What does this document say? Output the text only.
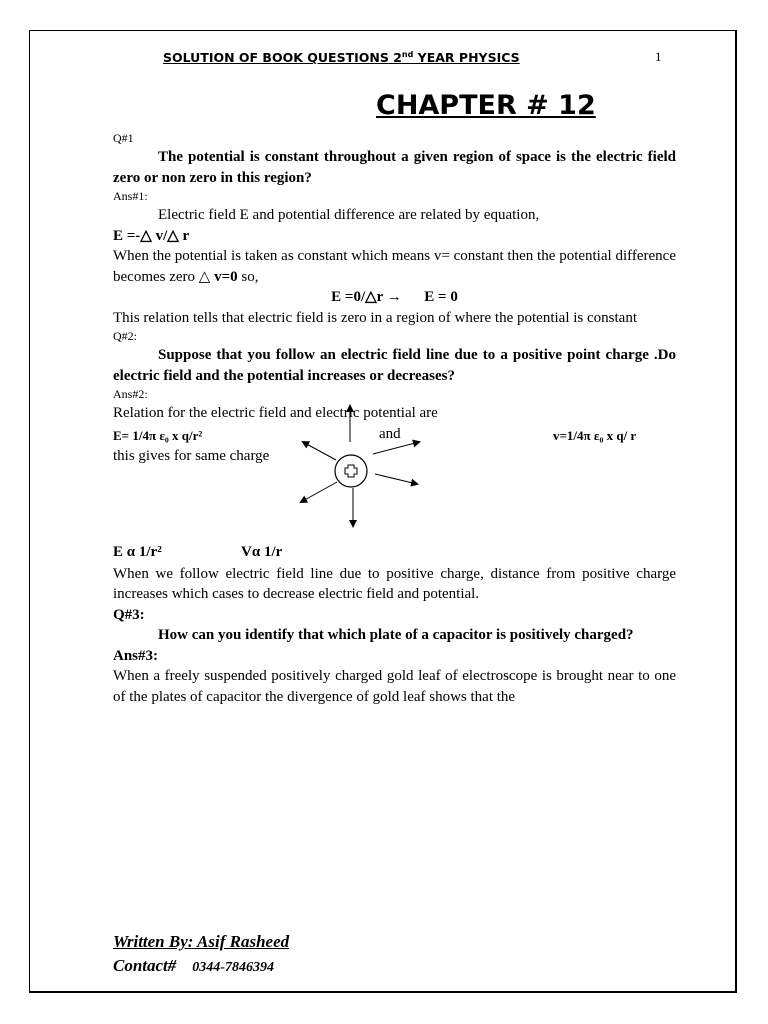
SOLUTION OF BOOK QUESTIONS 2nd YEAR PHYSICS	1
CHAPTER # 12

Q#1

The potential is constant throughout a given region of space is the electric field zero or non zero in this region?

Ans#1:

Electric field E and potential difference are related by equation,

E =-△ v/△ r

When the potential is taken as constant which means v= constant then the potential difference becomes zero △ v=0 so,

E =0/△r → E = 0

This relation tells that electric field is zero in a region of where the potential is constant

Q#2:

Suppose that you follow an electric field line due to a positive point charge .Do electric field and the potential increases or decreases?

Ans#2:

Relation for the electric field and electric potential are

E= 1/4π ε₀ x q/r²	and	v=1/4π ε₀ x q/ r
this gives for same charge
E α 1/r²	Vα 1/r

When we follow electric field line due to positive charge, distance from positive charge increases which cases to decrease electric field and potential.

Q#3:

How can you identify that which plate of a capacitor is positively charged?

Ans#3:

When a freely suspended positively charged gold leaf of electroscope is brought near to one of the plates of capacitor the divergence of gold leaf shows that the

Written By: Asif Rasheed
Contact# 0344-7846394
